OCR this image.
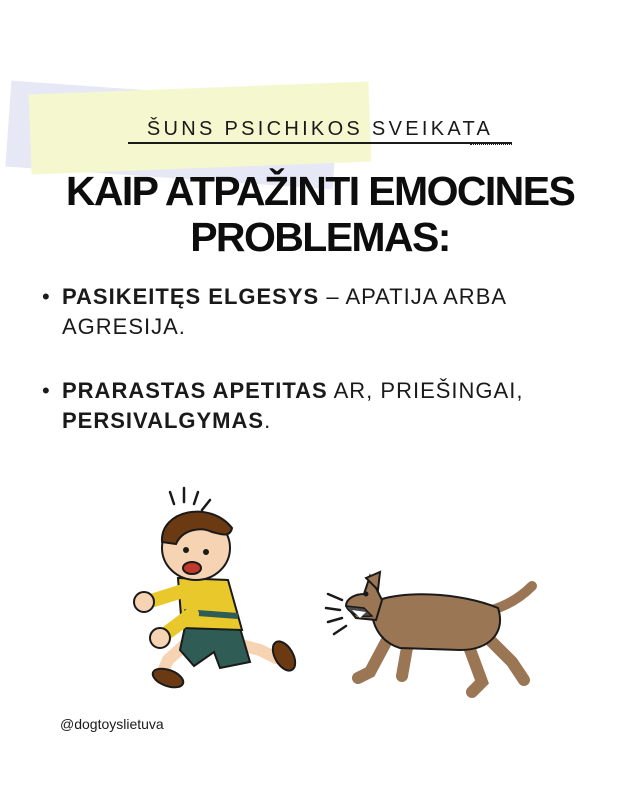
ŠUNS PSICHIKOS SVEIKATA
KAIP ATPAŽINTI EMOCINES
PROBLEMAS:
• PASIKEITĘS ELGESYS – APATIJA ARBA AGRESIJA.
• PRARASTAS APETITAS AR, PRIEŠINGAI, PERSIVALGYMAS.
@dogtoyslietuva
